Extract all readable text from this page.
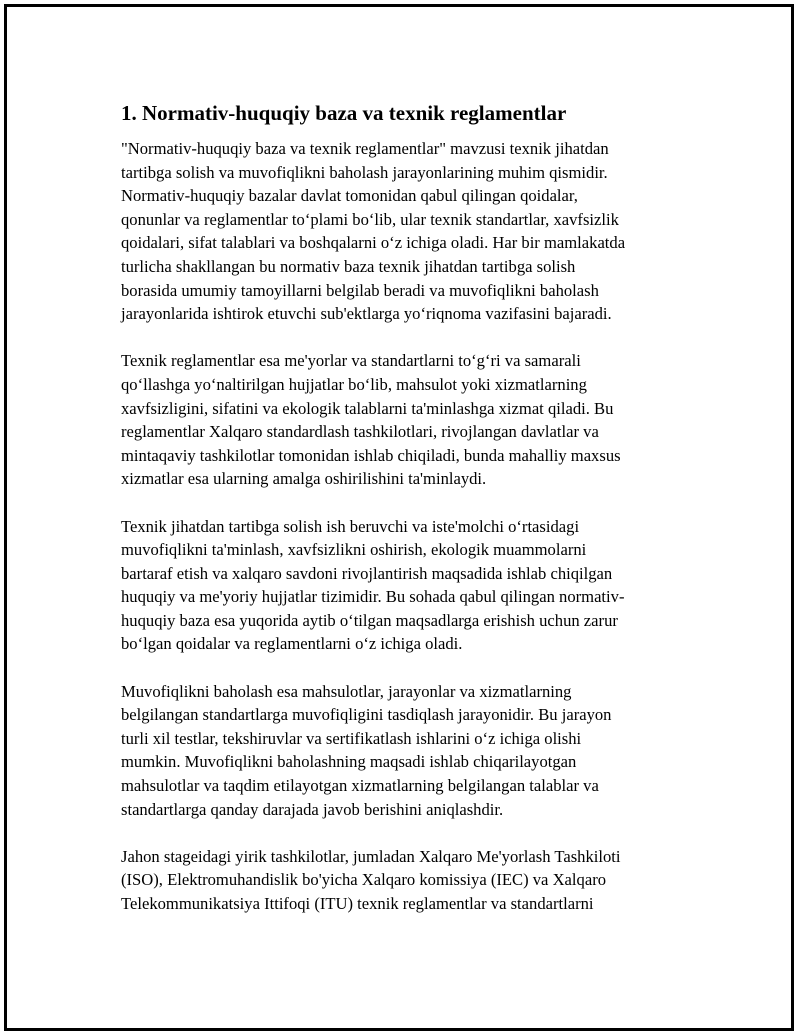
1. Normativ-huquqiy baza va texnik reglamentlar

"Normativ-huquqiy baza va texnik reglamentlar" mavzusi texnik jihatdan
tartibga solish va muvofiqlikni baholash jarayonlarining muhim qismidir.
Normativ-huquqiy bazalar davlat tomonidan qabul qilingan qoidalar,
qonunlar va reglamentlar to‘plami bo‘lib, ular texnik standartlar, xavfsizlik
qoidalari, sifat talablari va boshqalarni o‘z ichiga oladi. Har bir mamlakatda
turlicha shakllangan bu normativ baza texnik jihatdan tartibga solish
borasida umumiy tamoyillarni belgilab beradi va muvofiqlikni baholash
jarayonlarida ishtirok etuvchi sub'ektlarga yo‘riqnoma vazifasini bajaradi.

Texnik reglamentlar esa me'yorlar va standartlarni to‘g‘ri va samarali
qo‘llashga yo‘naltirilgan hujjatlar bo‘lib, mahsulot yoki xizmatlarning
xavfsizligini, sifatini va ekologik talablarni ta'minlashga xizmat qiladi. Bu
reglamentlar Xalqaro standardlash tashkilotlari, rivojlangan davlatlar va
mintaqaviy tashkilotlar tomonidan ishlab chiqiladi, bunda mahalliy maxsus
xizmatlar esa ularning amalga oshirilishini ta'minlaydi.

Texnik jihatdan tartibga solish ish beruvchi va iste'molchi o‘rtasidagi
muvofiqlikni ta'minlash, xavfsizlikni oshirish, ekologik muammolarni
bartaraf etish va xalqaro savdoni rivojlantirish maqsadida ishlab chiqilgan
huquqiy va me'yoriy hujjatlar tizimidir. Bu sohada qabul qilingan normativ-
huquqiy baza esa yuqorida aytib o‘tilgan maqsadlarga erishish uchun zarur
bo‘lgan qoidalar va reglamentlarni o‘z ichiga oladi.

Muvofiqlikni baholash esa mahsulotlar, jarayonlar va xizmatlarning
belgilangan standartlarga muvofiqligini tasdiqlash jarayonidir. Bu jarayon
turli xil testlar, tekshiruvlar va sertifikatlash ishlarini o‘z ichiga olishi
mumkin. Muvofiqlikni baholashning maqsadi ishlab chiqarilayotgan
mahsulotlar va taqdim etilayotgan xizmatlarning belgilangan talablar va
standartlarga qanday darajada javob berishini aniqlashdir.

Jahon stageidagi yirik tashkilotlar, jumladan Xalqaro Me'yorlash Tashkiloti
(ISO), Elektromuhandislik bo'yicha Xalqaro komissiya (IEC) va Xalqaro
Telekommunikatsiya Ittifoqi (ITU) texnik reglamentlar va standartlarni
